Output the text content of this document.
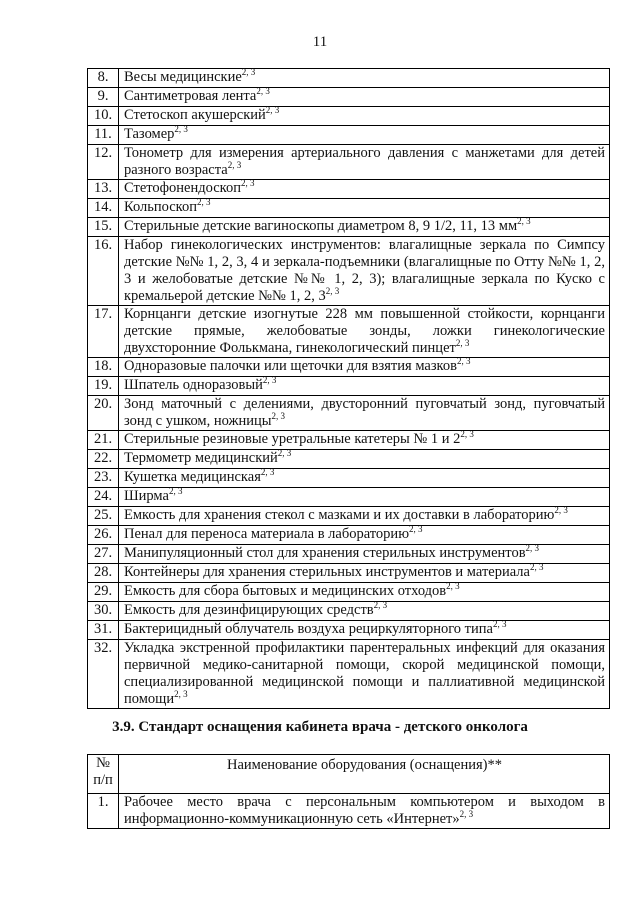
11
8.	Весы медицинские$^{2, 3}$
9.	Сантиметровая лента$^{2, 3}$
10.	Стетоскоп акушерский$^{2, 3}$
11.	Тазомер$^{2, 3}$
12.	Тонометр для измерения артериального давления с манжетами для детей разного возраста$^{2, 3}$
13.	Стетофонендоскоп$^{2, 3}$
14.	Кольпоскоп$^{2, 3}$
15.	Стерильные детские вагиноскопы диаметром 8, 9 1/2, 11, 13 мм$^{2, 3}$
16.	Набор гинекологических инструментов: влагалищные зеркала по Симпсу детские №№ 1, 2, 3, 4 и зеркала-подъемники (влагалищные по Отту №№ 1, 2, 3 и желобоватые детские №№ 1, 2, 3); влагалищные зеркала по Куско с кремальерой детские №№ 1, 2, 3$^{2, 3}$
17.	Корнцанги детские изогнутые 228 мм повышенной стойкости, корнцанги детские прямые, желобоватые зонды, ложки гинекологические двухсторонние Фолькмана, гинекологический пинцет$^{2, 3}$
18.	Одноразовые палочки или щеточки для взятия мазков$^{2, 3}$
19.	Шпатель одноразовый$^{2, 3}$
20.	Зонд маточный с делениями, двусторонний пуговчатый зонд, пуговчатый зонд с ушком, ножницы$^{2, 3}$
21.	Стерильные резиновые уретральные катетеры № 1 и 2$^{2, 3}$
22.	Термометр медицинский$^{2, 3}$
23.	Кушетка медицинская$^{2, 3}$
24.	Ширма$^{2, 3}$
25.	Емкость для хранения стекол с мазками и их доставки в лабораторию$^{2, 3}$
26.	Пенал для переноса материала в лабораторию$^{2, 3}$
27.	Манипуляционный стол для хранения стерильных инструментов$^{2, 3}$
28.	Контейнеры для хранения стерильных инструментов и материала$^{2, 3}$
29.	Емкость для сбора бытовых и медицинских отходов$^{2, 3}$
30.	Емкость для дезинфицирующих средств$^{2, 3}$
31.	Бактерицидный облучатель воздуха рециркуляторного типа$^{2, 3}$
32.	Укладка экстренной профилактики парентеральных инфекций для оказания первичной медико-санитарной помощи, скорой медицинской помощи, специализированной медицинской помощи и паллиативной медицинской помощи$^{2, 3}$
3.9. Стандарт оснащения кабинета врача - детского онколога
№ п/п	Наименование оборудования (оснащения)**
1.	Рабочее место врача с персональным компьютером и выходом в информационно-коммуникационную сеть «Интернет»$^{2, 3}$
